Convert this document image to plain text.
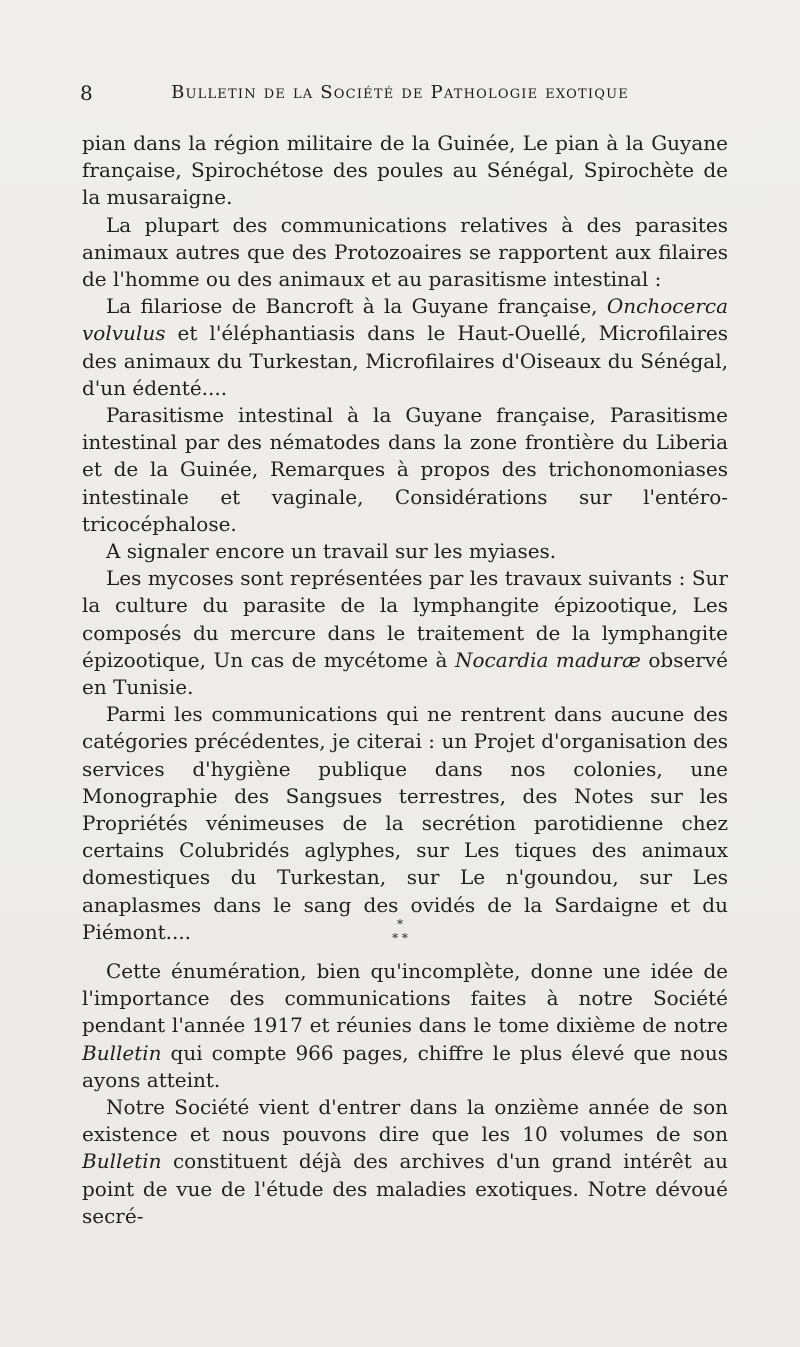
8	Bulletin de la Société de Pathologie exotique

pian dans la région militaire de la Guinée, Le pian à la Guyane française, Spirochétose des poules au Sénégal, Spirochète de la musaraigne.

La plupart des communications relatives à des parasites animaux autres que des Protozoaires se rapportent aux filaires de l'homme ou des animaux et au parasitisme intestinal :

La filariose de Bancroft à la Guyane française, Onchocerca volvulus et l'éléphantiasis dans le Haut-Ouellé, Microfilaires des animaux du Turkestan, Microfilaires d'Oiseaux du Sénégal, d'un édenté....

Parasitisme intestinal à la Guyane française, Parasitisme intestinal par des nématodes dans la zone frontière du Liberia et de la Guinée, Remarques à propos des trichonomoniases intestinale et vaginale, Considérations sur l'entéro-tricocéphalose.

A signaler encore un travail sur les myiases.

Les mycoses sont représentées par les travaux suivants : Sur la culture du parasite de la lymphangite épizootique, Les composés du mercure dans le traitement de la lymphangite épizootique, Un cas de mycétome à Nocardia maduræ observé en Tunisie.

Parmi les communications qui ne rentrent dans aucune des catégories précédentes, je citerai : un Projet d'organisation des services d'hygiène publique dans nos colonies, une Monographie des Sangsues terrestres, des Notes sur les Propriétés vénimeuses de la secrétion parotidienne chez certains Colubridés aglyphes, sur Les tiques des animaux domestiques du Turkestan, sur Le n'goundou, sur Les anaplasmes dans le sang des ovidés de la Sardaigne et du Piémont....	*
* *

Cette énumération, bien qu'incomplète, donne une idée de l'importance des communications faites à notre Société pendant l'année 1917 et réunies dans le tome dixième de notre Bulletin qui compte 966 pages, chiffre le plus élevé que nous ayons atteint.

Notre Société vient d'entrer dans la onzième année de son existence et nous pouvons dire que les 10 volumes de son Bulletin constituent déjà des archives d'un grand intérêt au point de vue de l'étude des maladies exotiques. Notre dévoué secré-
